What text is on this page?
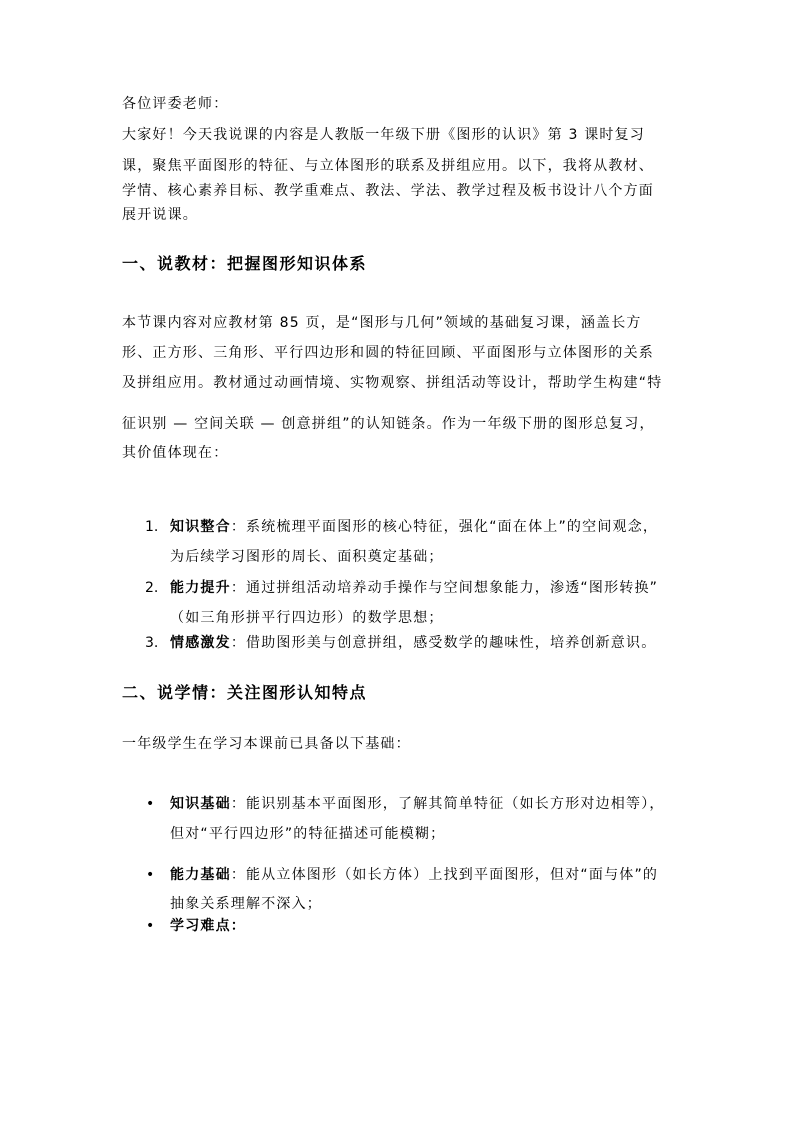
各位评委老师：
大家好！今天我说课的内容是人教版一年级下册《图形的认识》第 3 课时复习
课，聚焦平面图形的特征、与立体图形的联系及拼组应用。以下，我将从教材、
学情、核心素养目标、教学重难点、教法、学法、教学过程及板书设计八个方面
展开说课。
一、说教材：把握图形知识体系
本节课内容对应教材第 85 页，是“图形与几何”领域的基础复习课，涵盖长方
形、正方形、三角形、平行四边形和圆的特征回顾、平面图形与立体图形的关系
及拼组应用。教材通过动画情境、实物观察、拼组活动等设计，帮助学生构建“特
征识别 — 空间关联 — 创意拼组”的认知链条。作为一年级下册的图形总复习，
其价值体现在：
1. 知识整合：系统梳理平面图形的核心特征，强化“面在体上”的空间观念，
为后续学习图形的周长、面积奠定基础；
2. 能力提升：通过拼组活动培养动手操作与空间想象能力，渗透“图形转换”
（如三角形拼平行四边形）的数学思想；
3. 情感激发：借助图形美与创意拼组，感受数学的趣味性，培养创新意识。
二、说学情：关注图形认知特点
一年级学生在学习本课前已具备以下基础：
• 知识基础：能识别基本平面图形，了解其简单特征（如长方形对边相等），
但对“平行四边形”的特征描述可能模糊；
• 能力基础：能从立体图形（如长方体）上找到平面图形，但对“面与体”的
抽象关系理解不深入；
• 学习难点：
